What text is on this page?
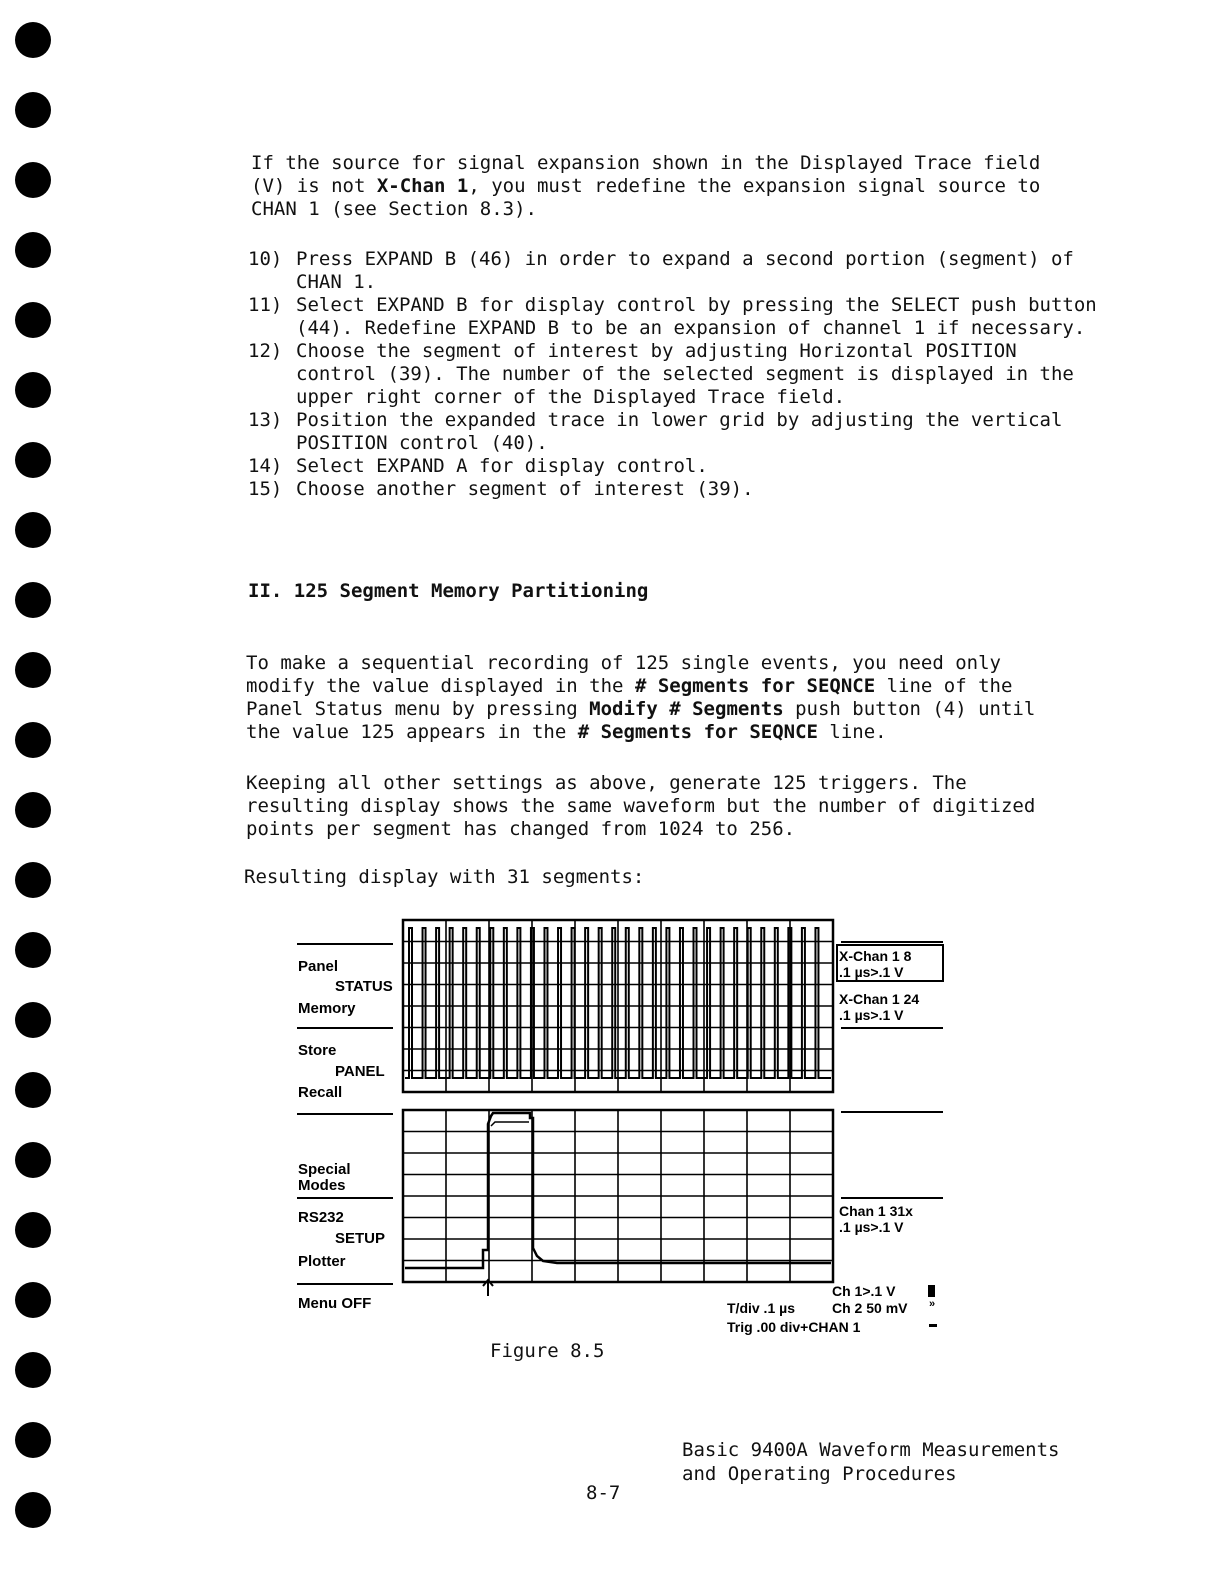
If the source for signal expansion shown in the Displayed Trace field
(V) is not X-Chan 1, you must redefine the expansion signal source to
CHAN 1 (see Section 8.3).
10) Press EXPAND B (46) in order to expand a second portion (segment) of CHAN 1.
11) Select EXPAND B for display control by pressing the SELECT push button (44). Redefine EXPAND B to be an expansion of channel 1 if necessary.
12) Choose the segment of interest by adjusting Horizontal POSITION control (39). The number of the selected segment is displayed in the upper right corner of the Displayed Trace field.
13) Position the expanded trace in lower grid by adjusting the vertical POSITION control (40).
14) Select EXPAND A for display control.
15) Choose another segment of interest (39).
II. 125 Segment Memory Partitioning
To make a sequential recording of 125 single events, you need only
modify the value displayed in the # Segments for SEQNCE line of the
Panel Status menu by pressing Modify # Segments push button (4) until
the value 125 appears in the # Segments for SEQNCE line.
Keeping all other settings as above, generate 125 triggers. The
resulting display shows the same waveform but the number of digitized
points per segment has changed from 1024 to 256.
Resulting display with 31 segments:
Panel
STATUS
Memory
Store
PANEL
Recall
Special
Modes
RS232
SETUP
Plotter
Menu OFF
X-Chan 1 8
.1 µs>.1 V
X-Chan 1 24
.1 µs>.1 V
Chan 1 31x
.1 µs>.1 V
Ch 1>.1 V
T/div .1 µs	Ch 2 50 mV »
Trig .00 div+CHAN 1
Figure 8.5
Basic 9400A Waveform Measurements
and Operating Procedures
8-7
